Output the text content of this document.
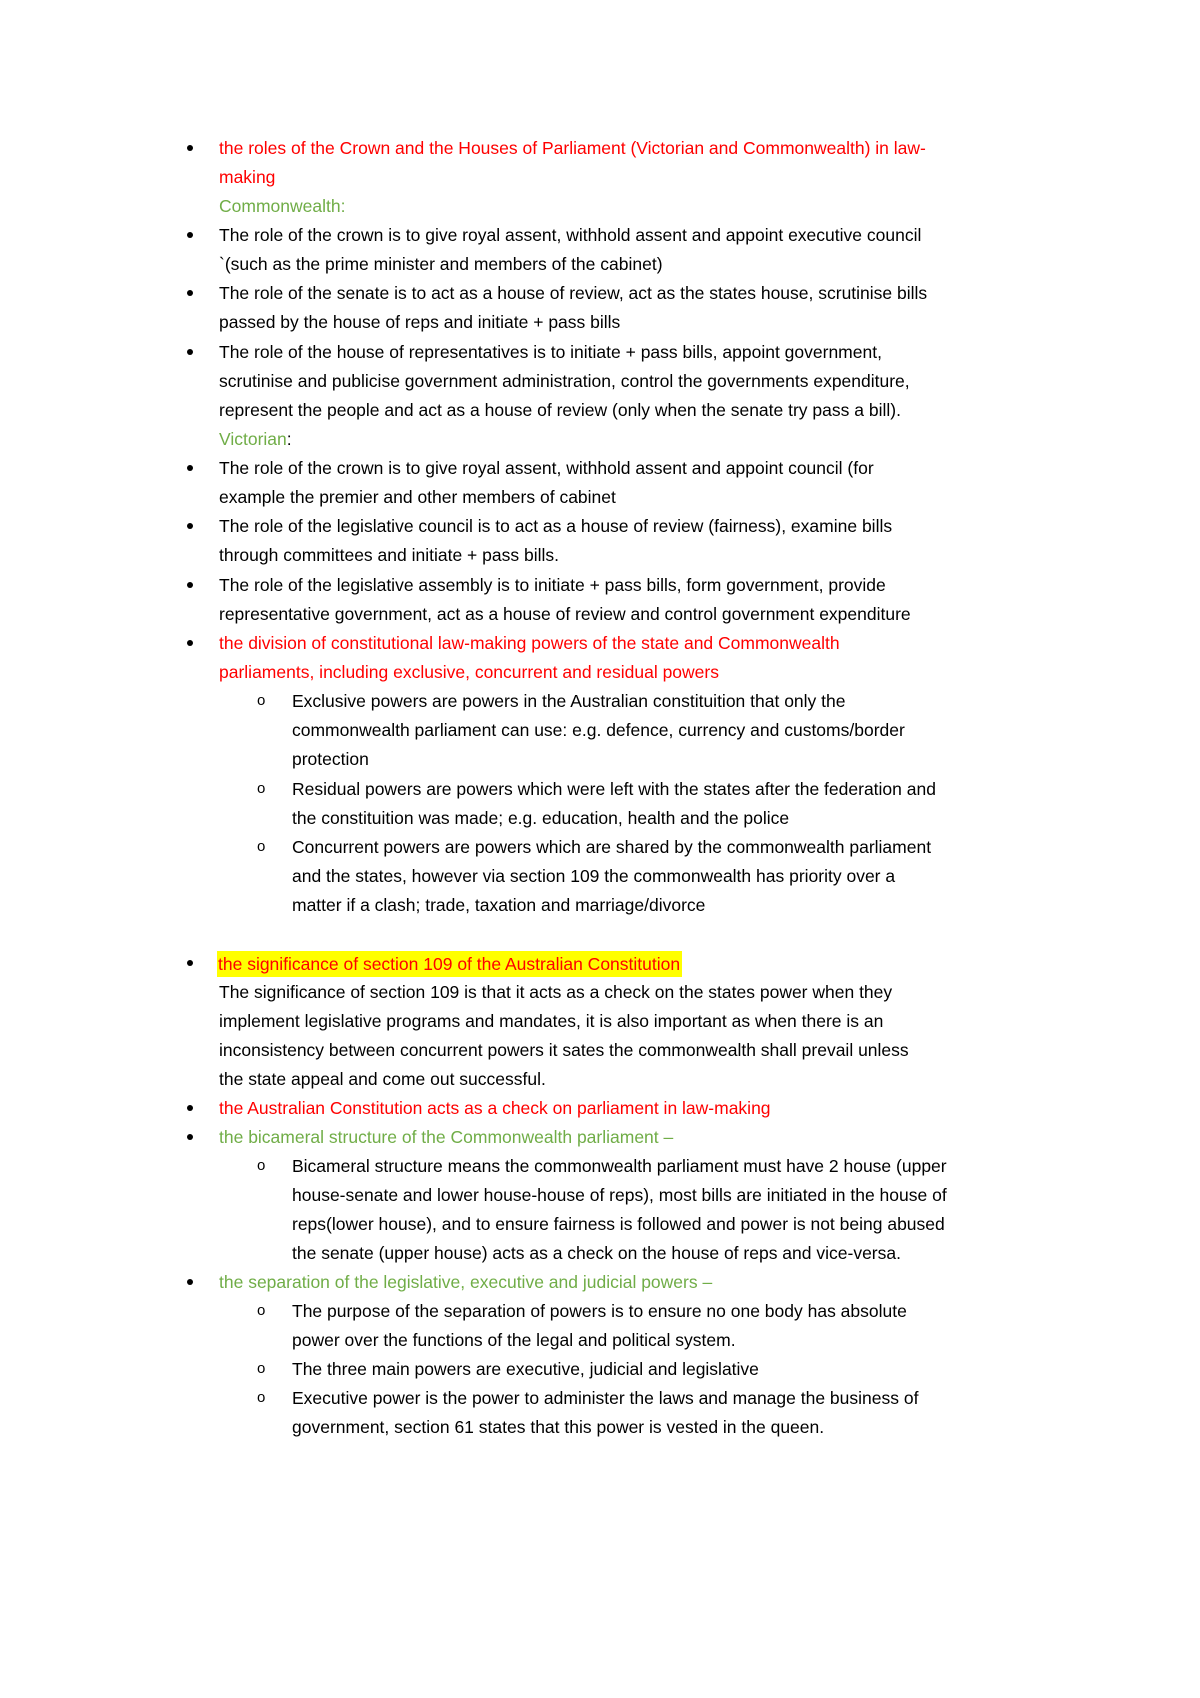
the roles of the Crown and the Houses of Parliament (Victorian and Commonwealth) in law-
making
Commonwealth:
The role of the crown is to give royal assent, withhold assent and appoint executive council
`(such as the prime minister and members of the cabinet)
The role of the senate is to act as a house of review, act as the states house, scrutinise bills
passed by the house of reps and initiate + pass bills
The role of the house of representatives is to initiate + pass bills, appoint government,
scrutinise and publicise government administration, control the governments expenditure,
represent the people and act as a house of review (only when the senate try pass a bill).
Victorian:
The role of the crown is to give royal assent, withhold assent and appoint council (for
example the premier and other members of cabinet
The role of the legislative council is to act as a house of review (fairness), examine bills
through committees and initiate + pass bills.
The role of the legislative assembly is to initiate + pass bills, form government, provide
representative government, act as a house of review and control government expenditure
the division of constitutional law-making powers of the state and Commonwealth
parliaments, including exclusive, concurrent and residual powers
o Exclusive powers are powers in the Australian constituition that only the
commonwealth parliament can use: e.g. defence, currency and customs/border
protection
o Residual powers are powers which were left with the states after the federation and
the constituition was made; e.g. education, health and the police
o Concurrent powers are powers which are shared by the commonwealth parliament
and the states, however via section 109 the commonwealth has priority over a
matter if a clash; trade, taxation and marriage/divorce
the significance of section 109 of the Australian Constitution
The significance of section 109 is that it acts as a check on the states power when they
implement legislative programs and mandates, it is also important as when there is an
inconsistency between concurrent powers it sates the commonwealth shall prevail unless
the state appeal and come out successful.
the Australian Constitution acts as a check on parliament in law-making
the bicameral structure of the Commonwealth parliament –
o Bicameral structure means the commonwealth parliament must have 2 house (upper
house-senate and lower house-house of reps), most bills are initiated in the house of
reps(lower house), and to ensure fairness is followed and power is not being abused
the senate (upper house) acts as a check on the house of reps and vice-versa.
the separation of the legislative, executive and judicial powers –
o The purpose of the separation of powers is to ensure no one body has absolute
power over the functions of the legal and political system.
o The three main powers are executive, judicial and legislative
o Executive power is the power to administer the laws and manage the business of
government, section 61 states that this power is vested in the queen.
